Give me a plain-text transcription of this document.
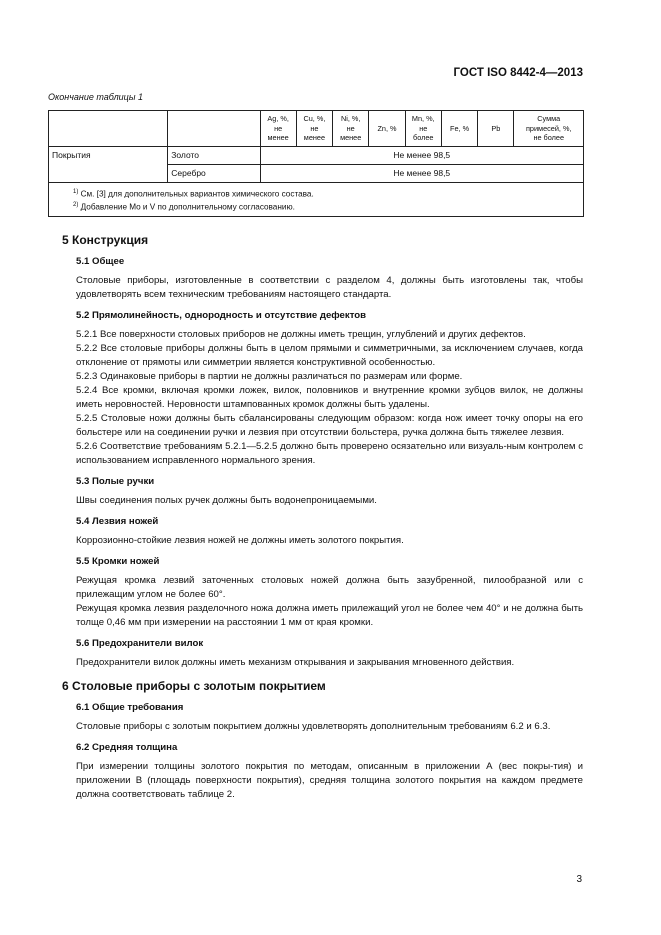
ГОСТ ISO 8442-4—2013
Окончание таблицы 1
		Ag, %,
не
менее	Cu, %,
не
менее	Ni, %,
не
менее	Zn, %	Mn, %,
не
более	Fe, %	Pb	Сумма
примесей, %,
не более
Покрытия	Золото	Не менее 98,5							
	Серебро	Не менее 98,5							

$^{1)}$ См. [3] для дополнительных вариантов химического состава.
$^{2)}$ Добавление Mo и V по дополнительному согласованию.									
5 Конструкция
5.1 Общее

Столовые приборы, изготовленные в соответствии с разделом 4, должны быть изготовлены так, чтобы удовлетворять всем техническим требованиям настоящего стандарта.

5.2 Прямолинейность, однородность и отсутствие дефектов

5.2.1 Все поверхности столовых приборов не должны иметь трещин, углублений и других дефектов.

5.2.2 Все столовые приборы должны быть в целом прямыми и симметричными, за исключением случаев, когда отклонение от прямоты или симметрии является конструктивной особенностью.

5.2.3 Одинаковые приборы в партии не должны различаться по размерам или форме.

5.2.4 Все кромки, включая кромки ложек, вилок, половников и внутренние кромки зубцов вилок, не должны иметь неровностей. Неровности штампованных кромок должны быть удалены.

5.2.5 Столовые ножи должны быть сбалансированы следующим образом: когда нож имеет точку опоры на его больстере или на соединении ручки и лезвия при отсутствии больстера, ручка должна быть тяжелее лезвия.

5.2.6 Соответствие требованиям 5.2.1—5.2.5 должно быть проверено осязательно или визуаль-ным контролем с использованием исправленного нормального зрения.

5.3 Полые ручки

Швы соединения полых ручек должны быть водонепроницаемыми.

5.4 Лезвия ножей

Коррозионно-стойкие лезвия ножей не должны иметь золотого покрытия.

5.5 Кромки ножей

Режущая кромка лезвий заточенных столовых ножей должна быть зазубренной, пилообразной или с прилежащим углом не более 60°.

Режущая кромка лезвия разделочного ножа должна иметь прилежащий угол не более чем 40° и не должна быть толще 0,46 мм при измерении на расстоянии 1 мм от края кромки.

5.6 Предохранители вилок

Предохранители вилок должны иметь механизм открывания и закрывания мгновенного действия.

6 Столовые приборы с золотым покрытием
6.1 Общие требования

Столовые приборы с золотым покрытием должны удовлетворять дополнительным требованиям 6.2 и 6.3.

6.2 Средняя толщина

При измерении толщины золотого покрытия по методам, описанным в приложении А (вес покры-тия) и приложении В (площадь поверхности покрытия), средняя толщина золотого покрытия на каждом предмете должна соответствовать таблице 2.

3
